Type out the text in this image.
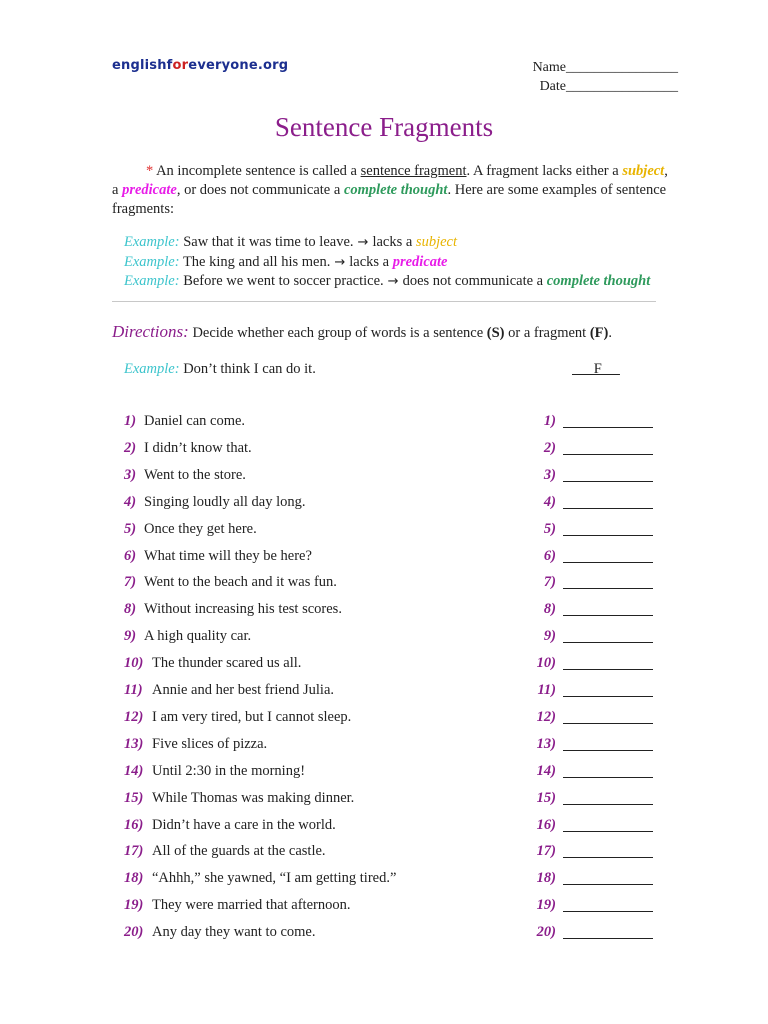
englishforeveryone.org	Name________________
Date________________
Sentence Fragments
* An incomplete sentence is called a sentence fragment. A fragment lacks either a subject, a predicate, or does not communicate a complete thought. Here are some examples of sentence fragments:
Example: Saw that it was time to leave. → lacks a subject
Example: The king and all his men. → lacks a predicate
Example: Before we went to soccer practice. → does not communicate a complete thought
Directions: Decide whether each group of words is a sentence (S) or a fragment (F).
Example: Don’t think I can do it.	F
1) Daniel can come.	1)
2) I didn’t know that.	2)
3) Went to the store.	3)
4) Singing loudly all day long.	4)
5) Once they get here.	5)
6) What time will they be here?	6)
7) Went to the beach and it was fun.	7)
8) Without increasing his test scores.	8)
9) A high quality car.	9)
10) The thunder scared us all.	10)
11) Annie and her best friend Julia.	11)
12) I am very tired, but I cannot sleep.	12)
13) Five slices of pizza.	13)
14) Until 2:30 in the morning!	14)
15) While Thomas was making dinner.	15)
16) Didn’t have a care in the world.	16)
17) All of the guards at the castle.	17)
18) “Ahhh,” she yawned, “I am getting tired.”	18)
19) They were married that afternoon.	19)
20) Any day they want to come.	20)
